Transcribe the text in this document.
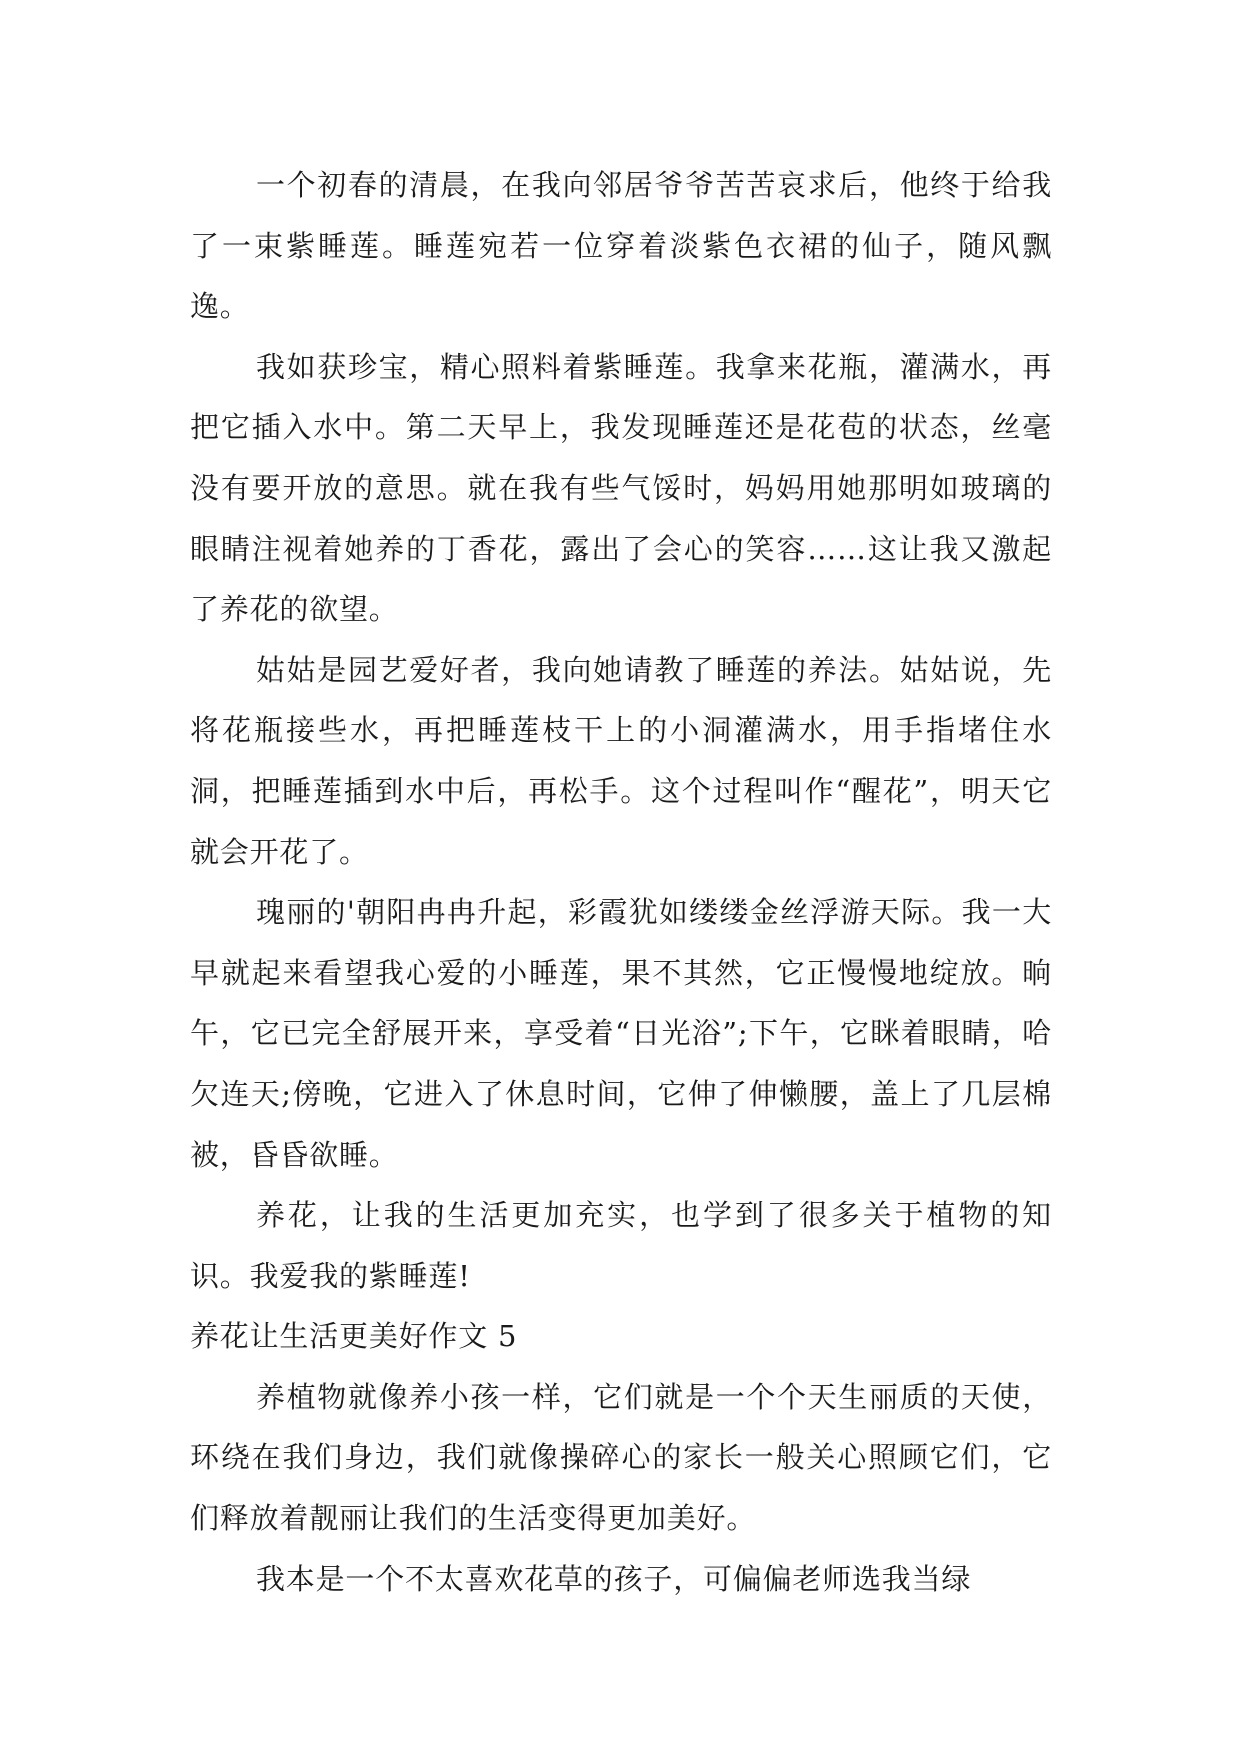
一个初春的清晨，在我向邻居爷爷苦苦哀求后，他终于给我了一束紫睡莲。睡莲宛若一位穿着淡紫色衣裙的仙子，随风飘逸。

我如获珍宝，精心照料着紫睡莲。我拿来花瓶，灌满水，再把它插入水中。第二天早上，我发现睡莲还是花苞的状态，丝毫没有要开放的意思。就在我有些气馁时，妈妈用她那明如玻璃的眼睛注视着她养的丁香花，露出了会心的笑容……这让我又激起了养花的欲望。

姑姑是园艺爱好者，我向她请教了睡莲的养法。姑姑说，先将花瓶接些水，再把睡莲枝干上的小洞灌满水，用手指堵住水洞，把睡莲插到水中后，再松手。这个过程叫作“醒花”，明天它就会开花了。

瑰丽的'朝阳冉冉升起，彩霞犹如缕缕金丝浮游天际。我一大早就起来看望我心爱的小睡莲，果不其然，它正慢慢地绽放。晌午，它已完全舒展开来，享受着“日光浴”;下午，它眯着眼睛，哈欠连天;傍晚，它进入了休息时间，它伸了伸懒腰，盖上了几层棉被，昏昏欲睡。

养花，让我的生活更加充实，也学到了很多关于植物的知识。我爱我的紫睡莲!

养花让生活更美好作文 5

养植物就像养小孩一样，它们就是一个个天生丽质的天使，环绕在我们身边，我们就像操碎心的家长一般关心照顾它们，它们释放着靓丽让我们的生活变得更加美好。

我本是一个不太喜欢花草的孩子，可偏偏老师选我当绿
